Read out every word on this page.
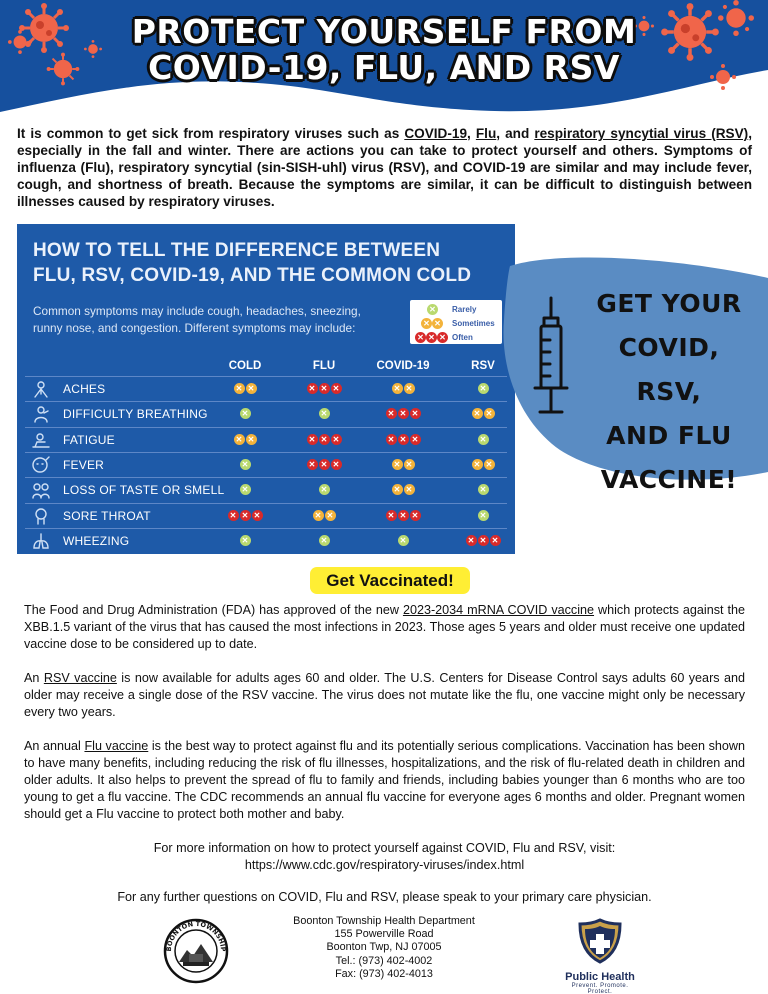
PROTECT YOURSELF FROM
COVID-19, FLU, AND RSV
It is common to get sick from respiratory viruses such as COVID-19, Flu, and respiratory syncytial virus (RSV), especially in the fall and winter. There are actions you can take to protect yourself and others. Symptoms of influenza (Flu), respiratory syncytial (sin-SISH-uhl) virus (RSV), and COVID-19 are similar and may include fever, cough, and shortness of breath. Because the symptoms are similar, it can be difficult to distinguish between illnesses caused by respiratory viruses.
HOW TO TELL THE DIFFERENCE BETWEEN
FLU, RSV, COVID-19, AND THE COMMON COLD
Common symptoms may include cough, headaches, sneezing,
runny nose, and congestion. Different symptoms may include:
✕ Rarely
✕ ✕ Sometimes
✕ ✕ ✕ Often
COLD	FLU	COVID-19	RSV
ACHES	✕ ✕	✕ ✕ ✕	✕ ✕	✕
DIFFICULTY BREATHING	✕	✕	✕ ✕ ✕	✕ ✕
FATIGUE	✕ ✕	✕ ✕ ✕	✕ ✕ ✕	✕
FEVER	✕	✕ ✕ ✕	✕ ✕	✕ ✕
LOSS OF TASTE OR SMELL ✕	✕	✕ ✕	✕
SORE THROAT	✕ ✕ ✕	✕ ✕	✕ ✕ ✕	✕
WHEEZING	✕	✕	✕	✕ ✕ ✕
GET YOUR
COVID, RSV,
AND FLU
VACCINE!
Get Vaccinated!
The Food and Drug Administration (FDA) has approved of the new 2023-2034 mRNA COVID vaccine which protects against the XBB.1.5 variant of the virus that has caused the most infections in 2023. Those ages 5 years and older must receive one updated vaccine dose to be considered up to date.
An RSV vaccine is now available for adults ages 60 and older. The U.S. Centers for Disease Control says adults 60 years and older may receive a single dose of the RSV vaccine. The virus does not mutate like the flu, one vaccine might only be necessary every two years.
An annual Flu vaccine is the best way to protect against flu and its potentially serious complications. Vaccination has been shown to have many benefits, including reducing the risk of flu illnesses, hospitalizations, and the risk of flu-related death in children and older adults. It also helps to prevent the spread of flu to family and friends, including babies younger than 6 months who are too young to get a flu vaccine. The CDC recommends an annual flu vaccine for everyone ages 6 months and older. Pregnant women should get a Flu vaccine to protect both mother and baby.
For more information on how to protect yourself against COVID, Flu and RSV, visit:
https://www.cdc.gov/respiratory-viruses/index.html
For any further questions on COVID, Flu and RSV, please speak to your primary care physician.
BOONTON TOWNSHIP
Boonton Township Health Department
155 Powerville Road
Boonton Twp, NJ 07005
Tel.: (973) 402-4002
Fax: (973) 402-4013	Public Health
Prevent. Promote. Protect.
